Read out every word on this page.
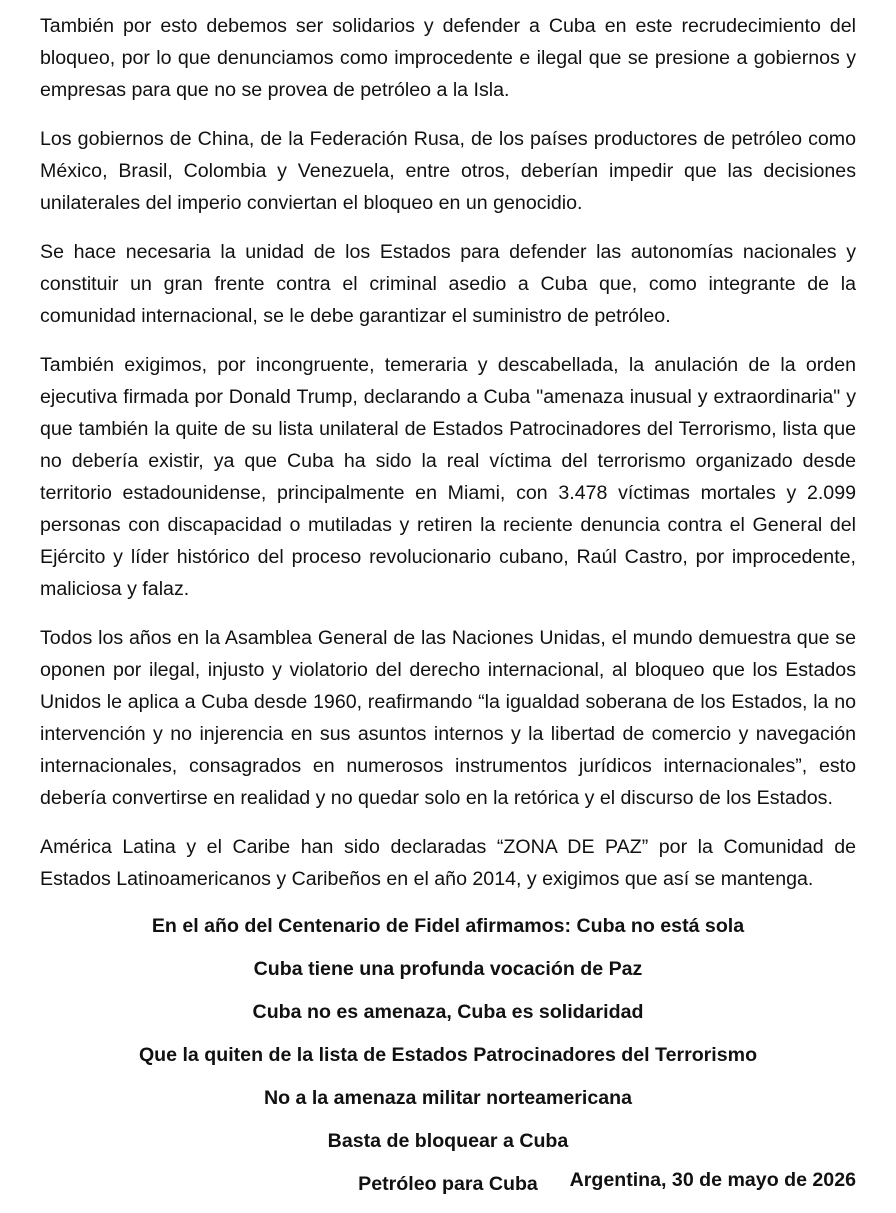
También por esto debemos ser solidarios y defender a Cuba en este recrudecimiento del bloqueo, por lo que denunciamos como improcedente e ilegal que se presione a gobiernos y empresas para que no se provea de petróleo a la Isla.

Los gobiernos de China, de la Federación Rusa, de los países productores de petróleo como México, Brasil, Colombia y Venezuela, entre otros, deberían impedir que las decisiones unilaterales del imperio conviertan el bloqueo en un genocidio.

Se hace necesaria la unidad de los Estados para defender las autonomías nacionales y constituir un gran frente contra el criminal asedio a Cuba que, como integrante de la comunidad internacional, se le debe garantizar el suministro de petróleo.

También exigimos, por incongruente, temeraria y descabellada, la anulación de la orden ejecutiva firmada por Donald Trump, declarando a Cuba "amenaza inusual y extraordinaria" y que también la quite de su lista unilateral de Estados Patrocinadores del Terrorismo, lista que no debería existir, ya que Cuba ha sido la real víctima del terrorismo organizado desde territorio estadounidense, principalmente en Miami, con 3.478 víctimas mortales y 2.099 personas con discapacidad o mutiladas y retiren la reciente denuncia contra el General del Ejército y líder histórico del proceso revolucionario cubano, Raúl Castro, por improcedente, maliciosa y falaz.

Todos los años en la Asamblea General de las Naciones Unidas, el mundo demuestra que se oponen por ilegal, injusto y violatorio del derecho internacional, al bloqueo que los Estados Unidos le aplica a Cuba desde 1960, reafirmando “la igualdad soberana de los Estados, la no intervención y no injerencia en sus asuntos internos y la libertad de comercio y navegación internacionales, consagrados en numerosos instrumentos jurídicos internacionales”, esto debería convertirse en realidad y no quedar solo en la retórica y el discurso de los Estados.

América Latina y el Caribe han sido declaradas “ZONA DE PAZ” por la Comunidad de Estados Latinoamericanos y Caribeños en el año 2014, y exigimos que así se mantenga.

En el año del Centenario de Fidel afirmamos: Cuba no está sola

Cuba tiene una profunda vocación de Paz

Cuba no es amenaza, Cuba es solidaridad

Que la quiten de la lista de Estados Patrocinadores del Terrorismo

No a la amenaza militar norteamericana

Basta de bloquear a Cuba

Petróleo para Cuba	Argentina, 30 de mayo de 2026
